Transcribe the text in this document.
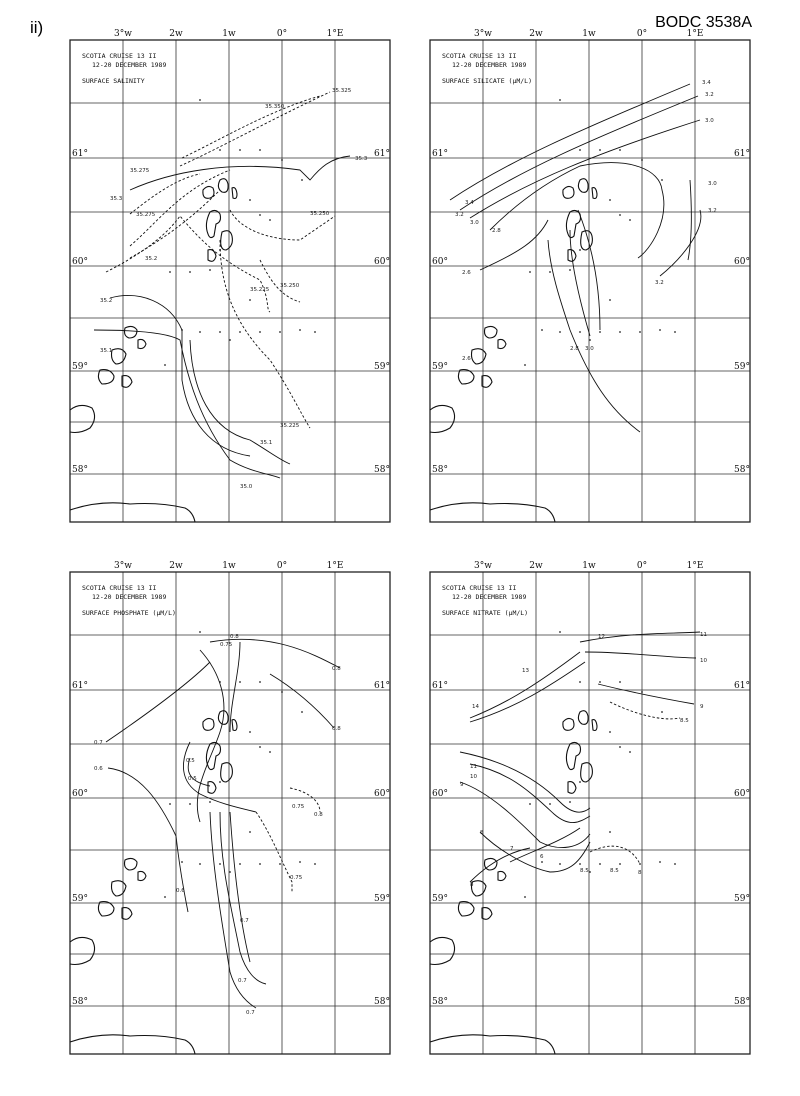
ii)	BODC 3538A
3°w	2w	1w	0°	1°E
61°	61°
60°	60°
59°	59°
58°	58°
SCOTIA CRUISE 13 II
12-20 DECEMBER 1989
SURFACE SALINITY
35.325
35.350
35.3
35.275
35.3
35.275	35.250
35.225
35.2
35.1
35.225
35.2
35.1
35.0
35.250
3°w	2w	1w	0°	1°E
61°	61°
60°	60°
59°	59°
58°	58°
SCOTIA CRUISE 13 II
12-20 DECEMBER 1989
SURFACE SILICATE (µM/L)	3.4
3.2
3.0
3.0
3.2
3.4
3.2
3.0
2.8
2.6
3.2
2.8 3.0
2.6
3°w	2w	1w	0°	1°E
61°	61°
60°	60°
59°	59°
58°	58°
SCOTIA CRUISE 13 II
12-20 DECEMBER 1989
SURFACE PHOSPHATE (µM/L)
0.8
0.75
0.8
0.8
0.7
0.6
0.5
0.5
0.75
0.8
0.75
0.6
0.7
0.7
0.7
3°w	2w	1w	0°	1°E
61°	61°
60°	60°
59°	59°
58°	58°
SCOTIA CRUISE 13 II
12-20 DECEMBER 1989
SURFACE NITRATE (µM/L)
12	11
10
9
8.5
13
14
11
10
9
8
7
6
8.5	8.5	8
8
